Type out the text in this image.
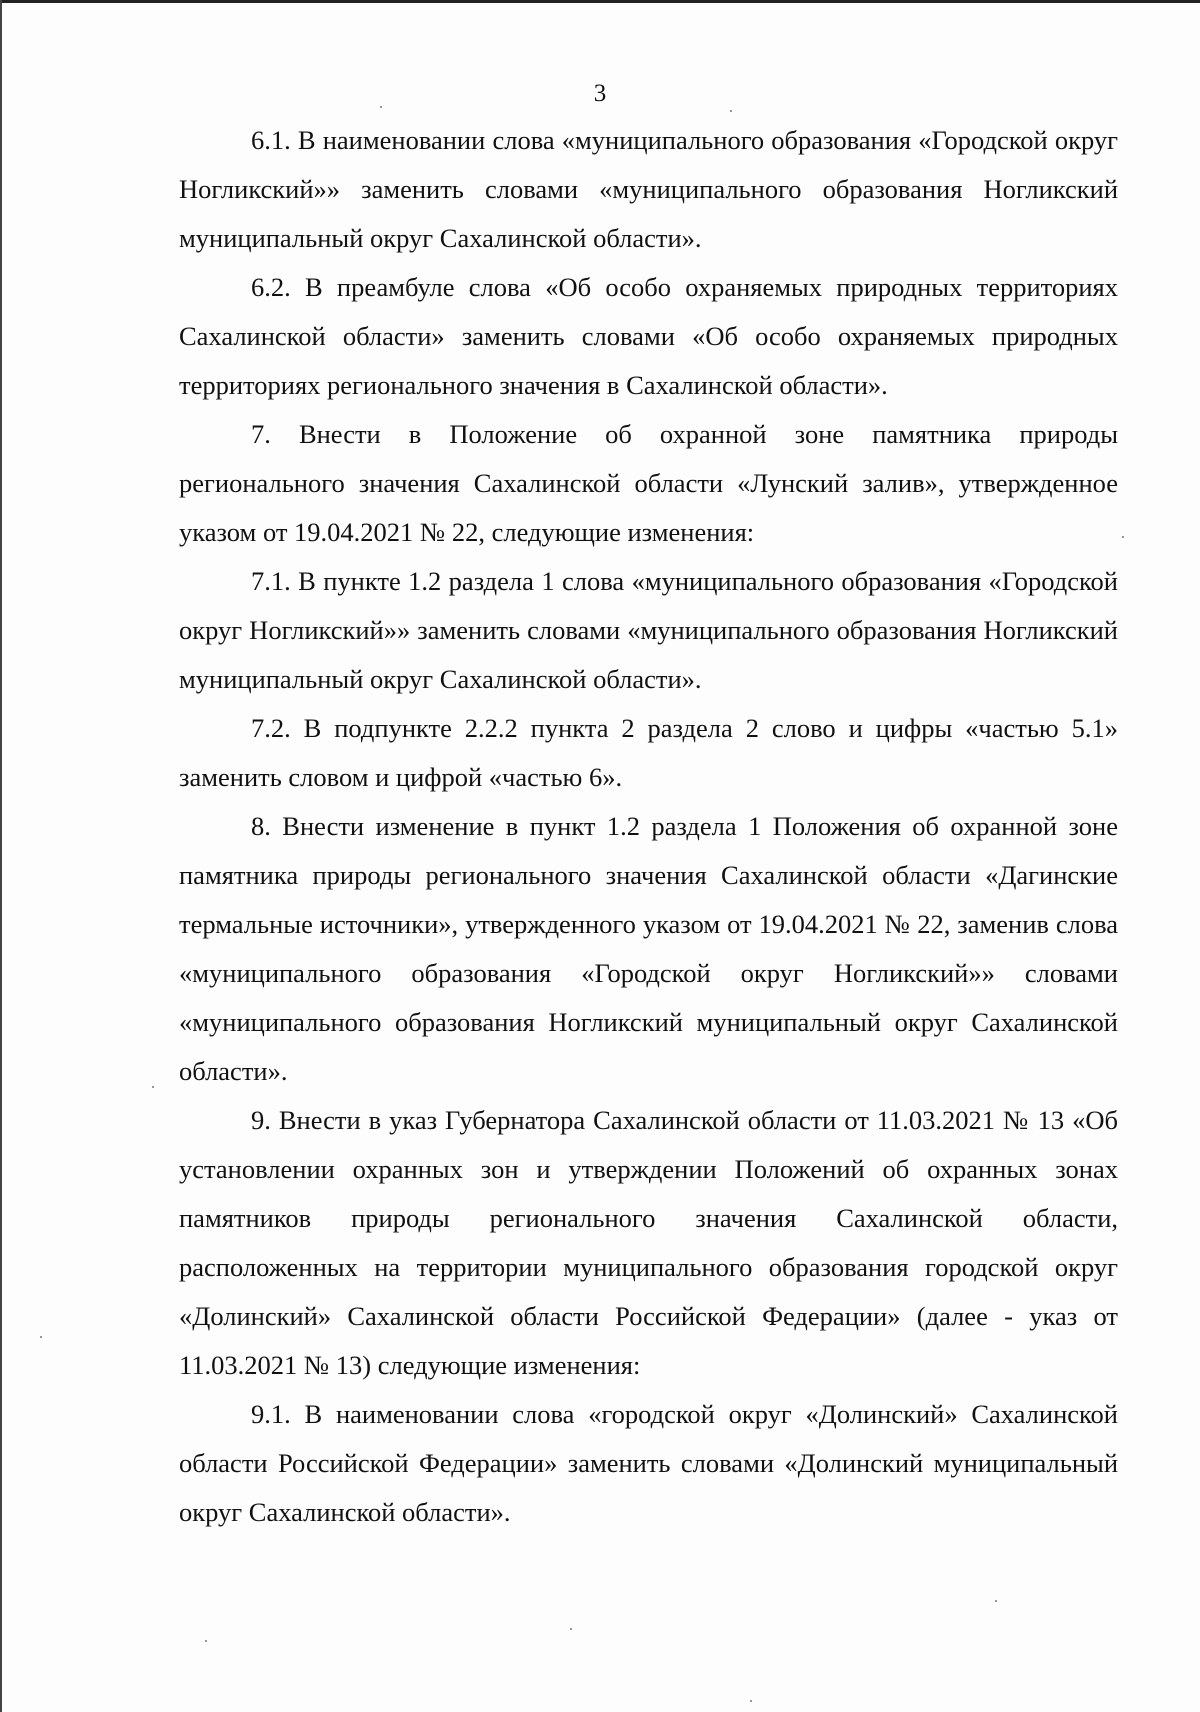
3

6.1. В наименовании слова «муниципального образования «Городской округ Ногликский»» заменить словами «муниципального образования Ногликский муниципальный округ Сахалинской области».

6.2. В преамбуле слова «Об особо охраняемых природных территориях Сахалинской области» заменить словами «Об особо охраняемых природных территориях регионального значения в Сахалинской области».

7. Внести в Положение об охранной зоне памятника природы регионального значения Сахалинской области «Лунский залив», утвержденное указом от 19.04.2021 № 22, следующие изменения:

7.1. В пункте 1.2 раздела 1 слова «муниципального образования «Городской округ Ногликский»» заменить словами «муниципального образования Ногликский муниципальный округ Сахалинской области».

7.2. В подпункте 2.2.2 пункта 2 раздела 2 слово и цифры «частью 5.1» заменить словом и цифрой «частью 6».

8. Внести изменение в пункт 1.2 раздела 1 Положения об охранной зоне памятника природы регионального значения Сахалинской области «Дагинские термальные источники», утвержденного указом от 19.04.2021 № 22, заменив слова «муниципального образования «Городской округ Ногликский»» словами «муниципального образования Ногликский муниципальный округ Сахалинской области».

9. Внести в указ Губернатора Сахалинской области от 11.03.2021 № 13 «Об установлении охранных зон и утверждении Положений об охранных зонах памятников природы регионального значения Сахалинской области, расположенных на территории муниципального образования городской округ «Долинский» Сахалинской области Российской Федерации» (далее - указ от 11.03.2021 № 13) следующие изменения:

9.1. В наименовании слова «городской округ «Долинский» Сахалинской области Российской Федерации» заменить словами «Долинский муниципальный округ Сахалинской области».
